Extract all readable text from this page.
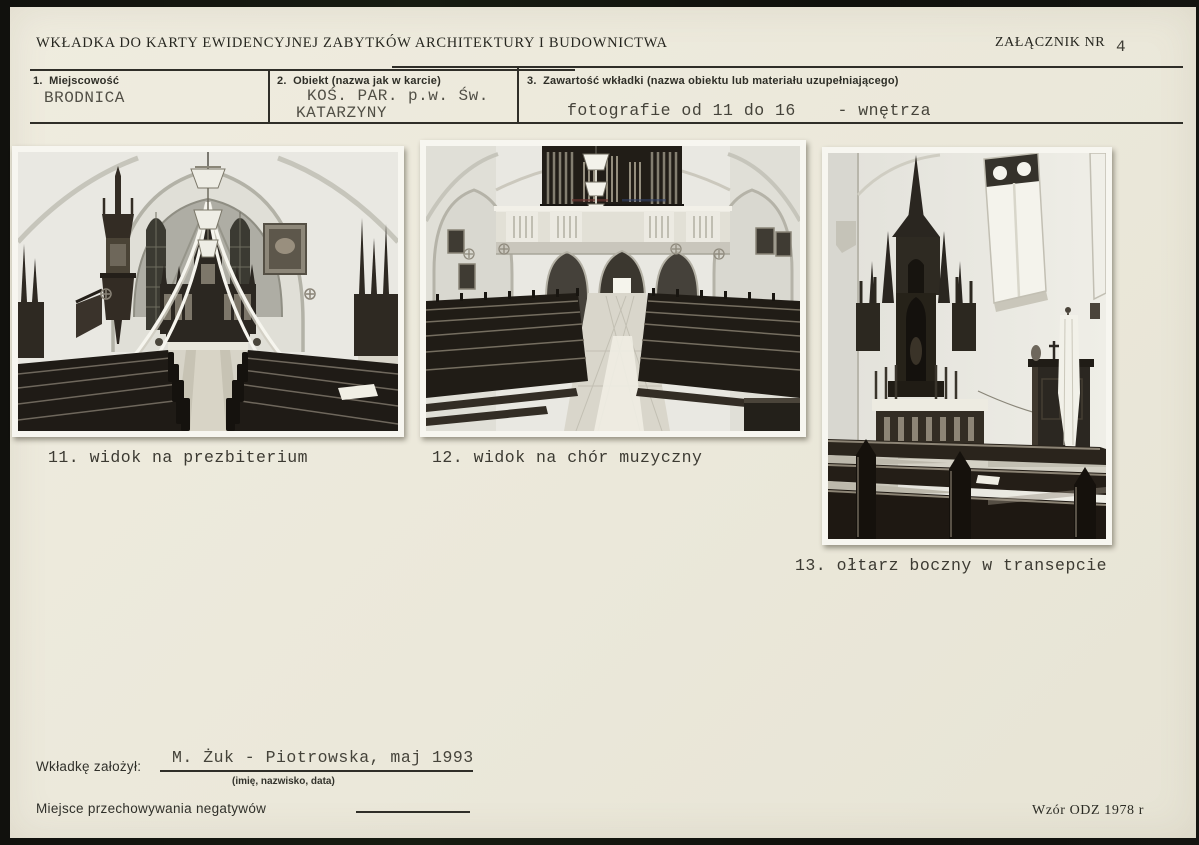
WKŁADKA DO KARTY EWIDENCYJNEJ ZABYTKÓW ARCHITEKTURY I BUDOWNICTWA	ZAŁĄCZNIK NR 4
1.  Miejscowość
BRODNICA
2.  Obiekt (nazwa jak w karcie)
KOŚ. PAR. p.w. Św.
KATARZYNY
3.  Zawartość wkładki (nazwa obiektu lub materiału uzupełniającego)
fotografie od 11 do 16    - wnętrza
11. widok na prezbiterium	12. widok na chór muzyczny
13. ołtarz boczny w transepcie
Wkładkę założył: M. Żuk - Piotrowska, maj 1993
(imię, nazwisko, data)
Miejsce przechowywania negatywów	Wzór ODZ 1978 r
